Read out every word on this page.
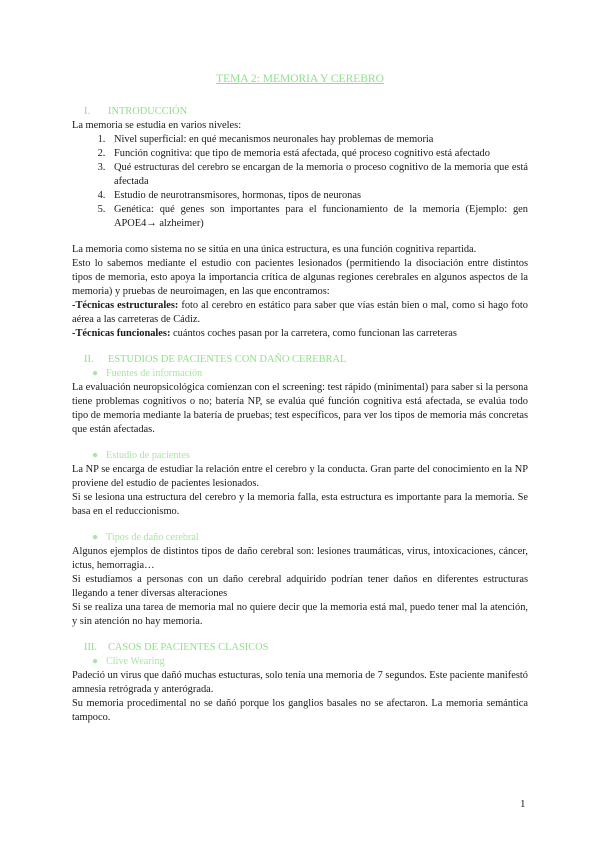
TEMA 2: MEMORIA Y CEREBRO
I. INTRODUCCIÓN

La memoria se estudia en varios niveles:

1. Nivel superficial: en qué mecanismos neuronales hay problemas de memoria
2. Función cognitiva: que tipo de memoria está afectada, qué proceso cognitivo está afectado
3. Qué estructuras del cerebro se encargan de la memoria o proceso cognitivo de la memoria que está afectada
4. Estudio de neurotransmisores, hormonas, tipos de neuronas
5. Genética: qué genes son importantes para el funcionamiento de la memoria (Ejemplo: gen APOE4→ alzheimer)

La memoria como sistema no se sitúa en una única estructura, es una función cognitiva repartida.

Esto lo sabemos mediante el estudio con pacientes lesionados (permitiendo la disociación entre distintos tipos de memoria, esto apoya la importancia crítica de algunas regiones cerebrales en algunos aspectos de la memoria) y pruebas de neuroimagen, en las que encontramos:

-Técnicas estructurales: foto al cerebro en estático para saber que vías están bien o mal, como si hago foto aérea a las carreteras de Cádiz.

-Técnicas funcionales: cuántos coches pasan por la carretera, como funcionan las carreteras

II. ESTUDIOS DE PACIENTES CON DAÑO CEREBRAL
● Fuentes de información

La evaluación neuropsicológica comienzan con el screening: test rápido (minimental) para saber si la persona tiene problemas cognitivos o no; batería NP, se evalúa qué función cognitiva está afectada, se evalúa todo tipo de memoria mediante la batería de pruebas; test específicos, para ver los tipos de memoria más concretas que están afectadas.

● Estudio de pacientes

La NP se encarga de estudiar la relación entre el cerebro y la conducta. Gran parte del conocimiento en la NP proviene del estudio de pacientes lesionados.

Si se lesiona una estructura del cerebro y la memoria falla, esta estructura es importante para la memoria. Se basa en el reduccionismo.

● Tipos de daño cerebral

Algunos ejemplos de distintos tipos de daño cerebral son: lesiones traumáticas, virus, intoxicaciones, cáncer, ictus, hemorragia…

Si estudiamos a personas con un daño cerebral adquirido podrían tener daños en diferentes estructuras llegando a tener diversas alteraciones

Si se realiza una tarea de memoria mal no quiere decir que la memoria está mal, puedo tener mal la atención, y sin atención no hay memoria.

III. CASOS DE PACIENTES CLASICOS
● Clive Wearing

Padeció un virus que dañó muchas estucturas, solo tenía una memoria de 7 segundos. Este paciente manifestó amnesia retrógrada y anterógrada.

Su memoria procedimental no se dañó porque los ganglios basales no se afectaron. La memoria semántica tampoco.

1
